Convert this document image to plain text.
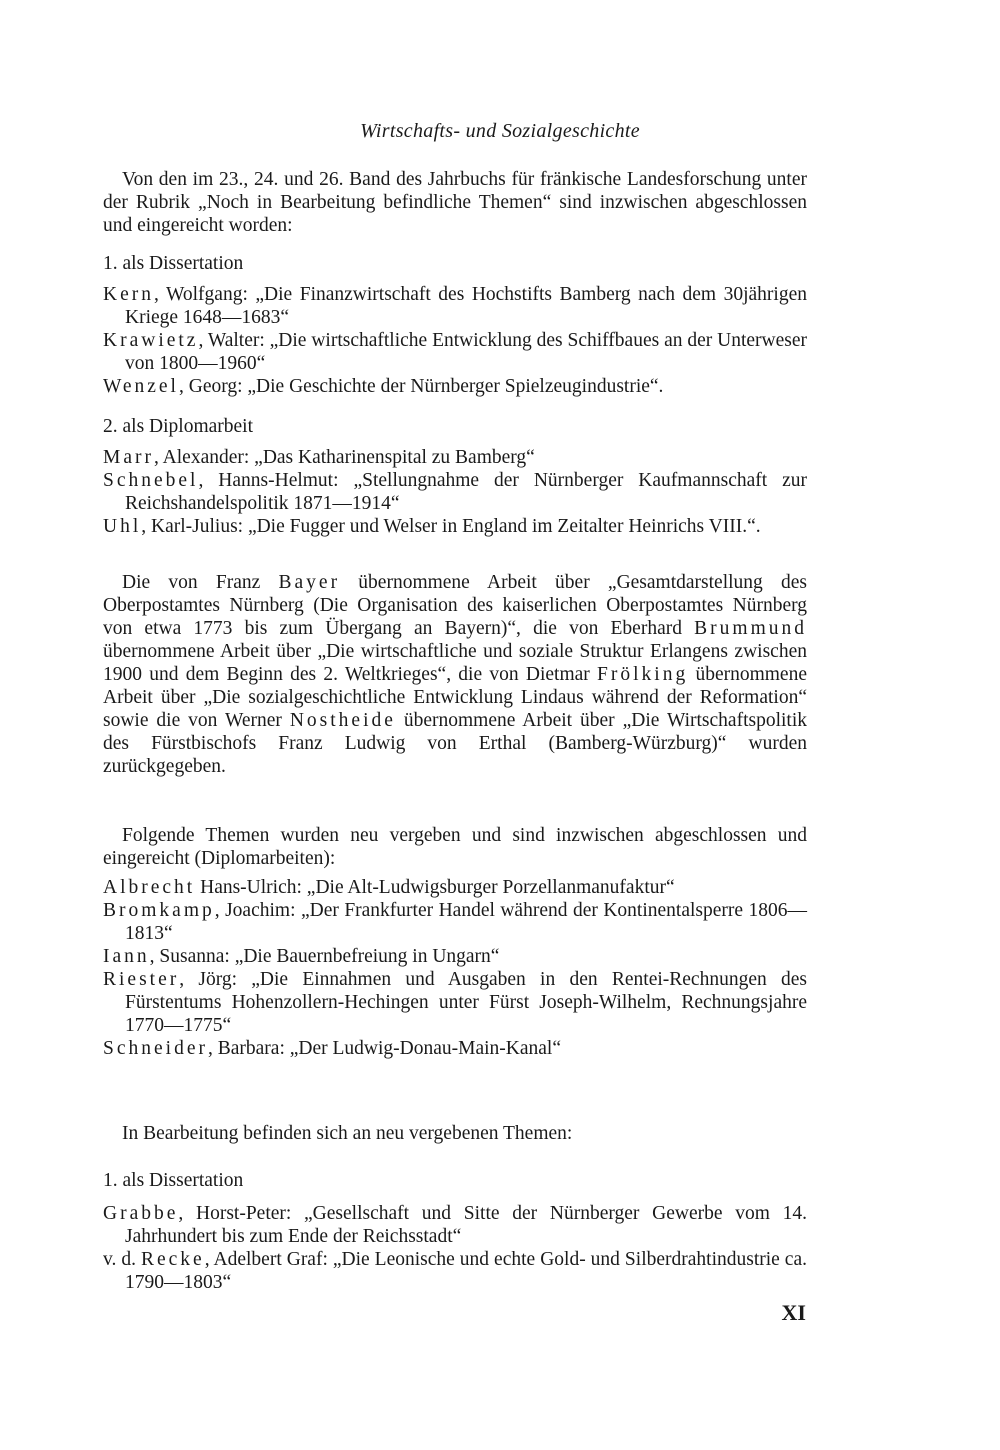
Wirtschafts- und Sozialgeschichte

Von den im 23., 24. und 26. Band des Jahrbuchs für fränkische Landesforschung unter der Rubrik „Noch in Bearbeitung befindliche Themen“ sind inzwischen abgeschlossen und eingereicht worden:

1. als Dissertation

Kern, Wolfgang: „Die Finanzwirtschaft des Hochstifts Bamberg nach dem 30jährigen Kriege 1648—1683“
Krawietz, Walter: „Die wirtschaftliche Entwicklung des Schiffbaues an der Unterweser von 1800—1960“
Wenzel, Georg: „Die Geschichte der Nürnberger Spielzeugindustrie“.

2. als Diplomarbeit

Marr, Alexander: „Das Katharinenspital zu Bamberg“
Schnebel, Hanns-Helmut: „Stellungnahme der Nürnberger Kaufmannschaft zur Reichshandelspolitik 1871—1914“
Uhl, Karl-Julius: „Die Fugger und Welser in England im Zeitalter Heinrichs VIII.“.

Die von Franz Bayer übernommene Arbeit über „Gesamtdarstellung des Oberpostamtes Nürnberg (Die Organisation des kaiserlichen Oberpostamtes Nürnberg von etwa 1773 bis zum Übergang an Bayern)“, die von Eberhard Brummund übernommene Arbeit über „Die wirtschaftliche und soziale Struktur Erlangens zwischen 1900 und dem Beginn des 2. Weltkrieges“, die von Dietmar Frölking übernommene Arbeit über „Die sozialgeschichtliche Entwicklung Lindaus während der Reformation“ sowie die von Werner Nostheide übernommene Arbeit über „Die Wirtschaftspolitik des Fürstbischofs Franz Ludwig von Erthal (Bamberg-Würzburg)“ wurden zurückgegeben.

Folgende Themen wurden neu vergeben und sind inzwischen abgeschlossen und eingereicht (Diplomarbeiten):

Albrecht Hans-Ulrich: „Die Alt-Ludwigsburger Porzellanmanufaktur“
Bromkamp, Joachim: „Der Frankfurter Handel während der Kontinentalsperre 1806—1813“
Iann, Susanna: „Die Bauernbefreiung in Ungarn“
Riester, Jörg: „Die Einnahmen und Ausgaben in den Rentei-Rechnungen des Fürstentums Hohenzollern-Hechingen unter Fürst Joseph-Wilhelm, Rechnungsjahre 1770—1775“
Schneider, Barbara: „Der Ludwig-Donau-Main-Kanal“

In Bearbeitung befinden sich an neu vergebenen Themen:

1. als Dissertation

Grabbe, Horst-Peter: „Gesellschaft und Sitte der Nürnberger Gewerbe vom 14. Jahrhundert bis zum Ende der Reichsstadt“
v. d. Recke, Adelbert Graf: „Die Leonische und echte Gold- und Silberdrahtindustrie ca. 1790—1803“
XI
